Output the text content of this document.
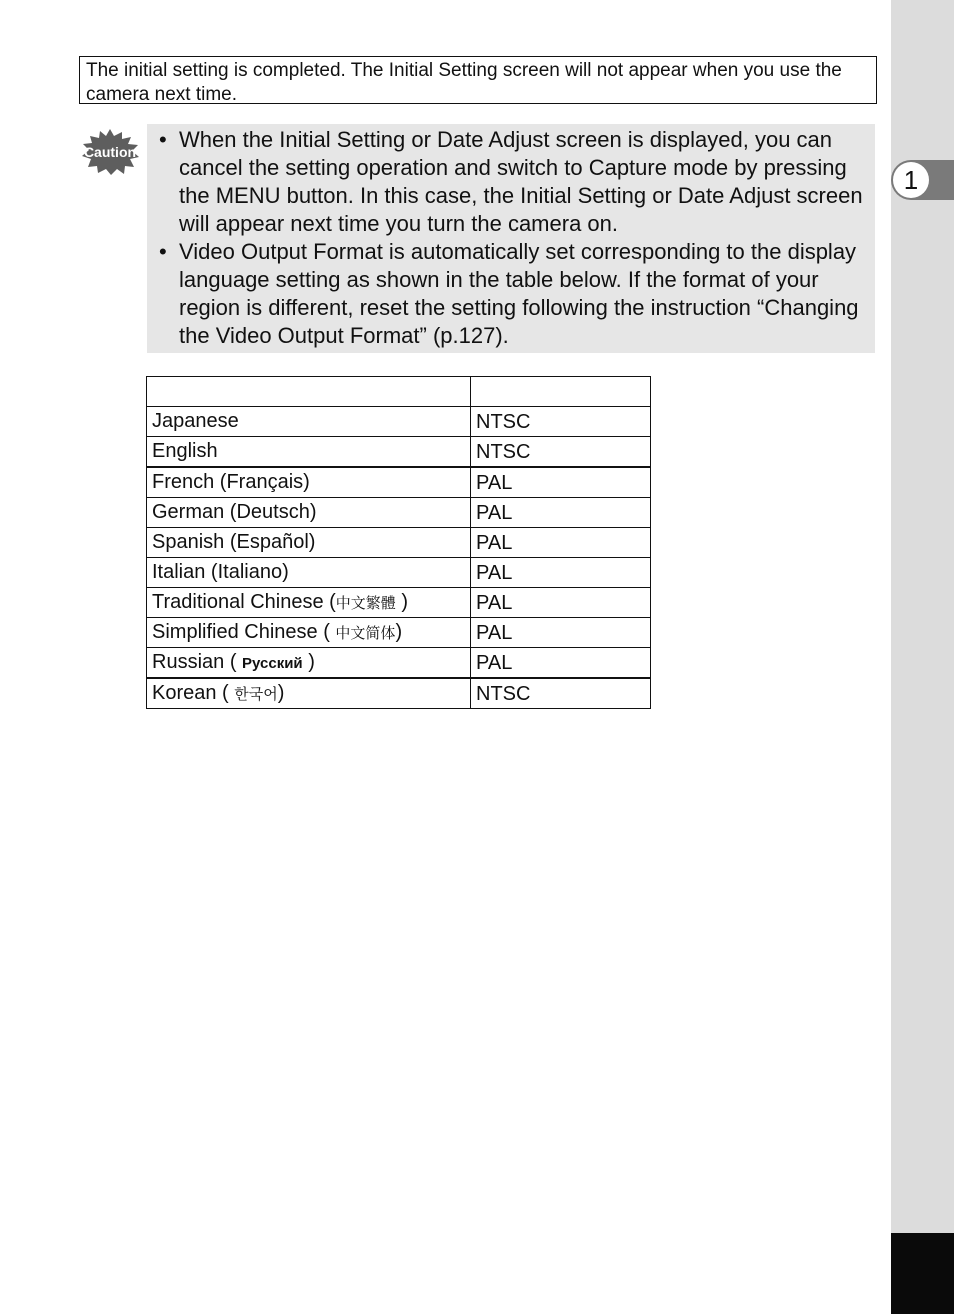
1
The initial setting is completed. The Initial Setting screen will not appear when you use the camera next time.
Caution • When the Initial Setting or Date Adjust screen is displayed, you can cancel the setting operation and switch to Capture mode by pressing the MENU button. In this case, the Initial Setting or Date Adjust screen will appear next time you turn the camera on.
• Video Output Format is automatically set corresponding to the display language setting as shown in the table below. If the format of your region is different, reset the setting following the instruction “Changing the Video Output Format” (p.127).

Japanese	NTSC
English	NTSC
French (Français)	PAL
German (Deutsch)	PAL
Spanish (Español)	PAL
Italian (Italiano)	PAL
Traditional Chinese (中文繁體 )	PAL
Simplified Chinese ( 中文简体)	PAL
Russian ( Русский )	PAL
Korean ( 한국어)	NTSC
